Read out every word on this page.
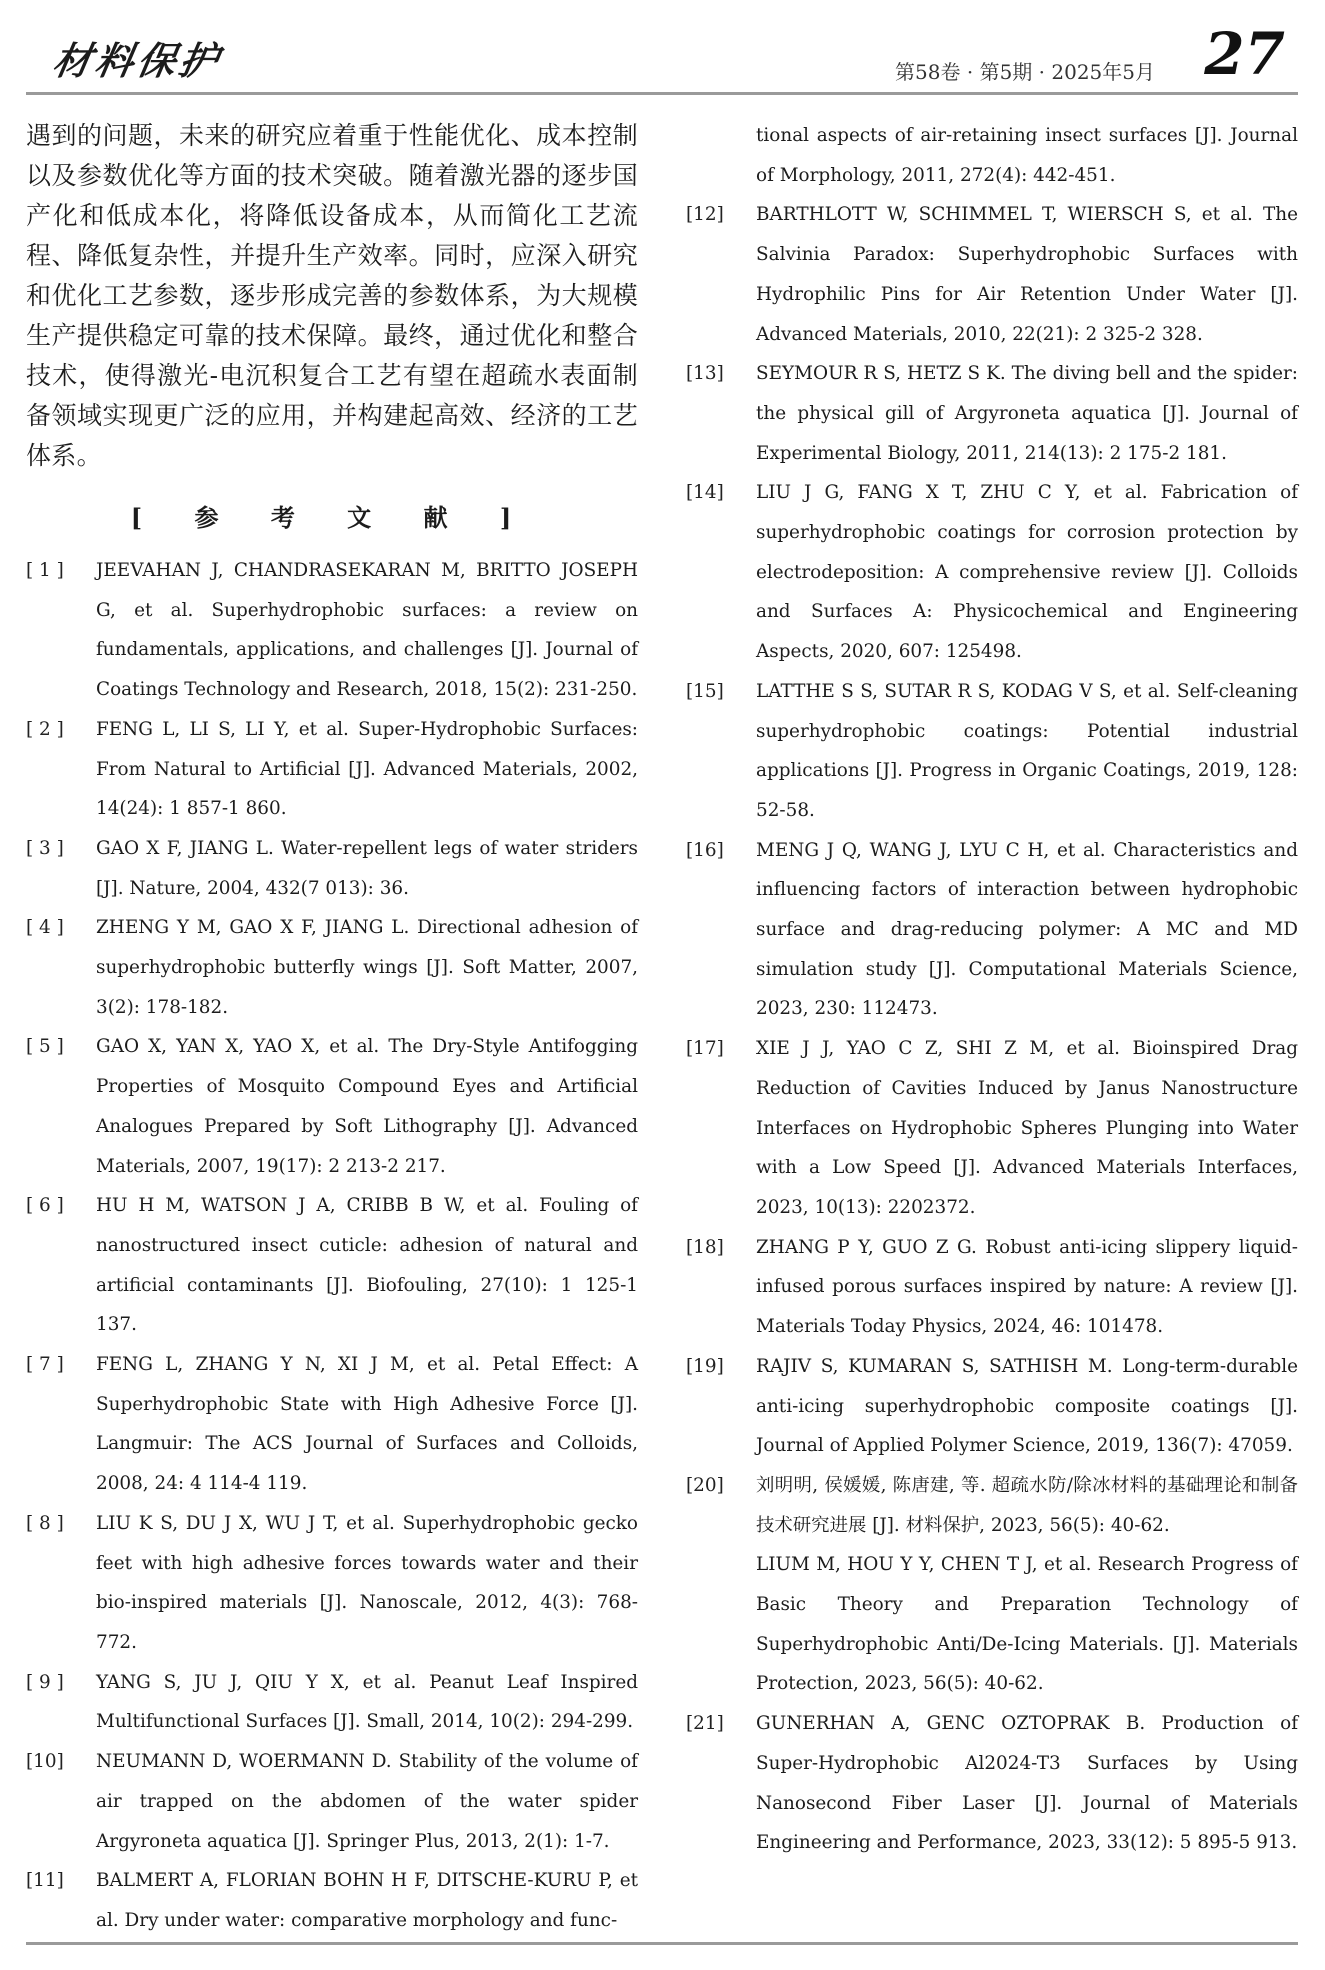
材料保护	第58卷 · 第5期 · 2025年5月 27

遇到的问题，未来的研究应着重于性能优化、成本控制以及参数优化等方面的技术突破。随着激光器的逐步国产化和低成本化，将降低设备成本，从而简化工艺流程、降低复杂性，并提升生产效率。同时，应深入研究和优化工艺参数，逐步形成完善的参数体系，为大规模生产提供稳定可靠的技术保障。最终，通过优化和整合技术，使得激光-电沉积复合工艺有望在超疏水表面制备领域实现更广泛的应用，并构建起高效、经济的工艺体系。

[ 参 考 文 献 ]
[ 1 ]	JEEVAHAN J, CHANDRASEKARAN M, BRITTO JOSEPH G, et al. Superhydrophobic surfaces: a review on fundamentals, applications, and challenges [J]. Journal of Coatings Technology and Research, 2018, 15(2): 231-250.
[ 2 ]	FENG L, LI S, LI Y, et al. Super-Hydrophobic Surfaces: From Natural to Artificial [J]. Advanced Materials, 2002, 14(24): 1 857-1 860.
[ 3 ]	GAO X F, JIANG L. Water-repellent legs of water striders [J]. Nature, 2004, 432(7 013): 36.
[ 4 ]	ZHENG Y M, GAO X F, JIANG L. Directional adhesion of superhydrophobic butterfly wings [J]. Soft Matter, 2007, 3(2): 178-182.
[ 5 ]	GAO X, YAN X, YAO X, et al. The Dry-Style Antifogging Properties of Mosquito Compound Eyes and Artificial Analogues Prepared by Soft Lithography [J]. Advanced Materials, 2007, 19(17): 2 213-2 217.
[ 6 ]	HU H M, WATSON J A, CRIBB B W, et al. Fouling of nanostructured insect cuticle: adhesion of natural and artificial contaminants [J]. Biofouling, 27(10): 1 125-1 137.
[ 7 ]	FENG L, ZHANG Y N, XI J M, et al. Petal Effect: A Superhydrophobic State with High Adhesive Force [J]. Langmuir: The ACS Journal of Surfaces and Colloids, 2008, 24: 4 114-4 119.
[ 8 ]	LIU K S, DU J X, WU J T, et al. Superhydrophobic gecko feet with high adhesive forces towards water and their bio-inspired materials [J]. Nanoscale, 2012, 4(3): 768-772.
[ 9 ]	YANG S, JU J, QIU Y X, et al. Peanut Leaf Inspired Multifunctional Surfaces [J]. Small, 2014, 10(2): 294-299.
[10]	NEUMANN D, WOERMANN D. Stability of the volume of air trapped on the abdomen of the water spider Argyroneta aquatica [J]. Springer Plus, 2013, 2(1): 1-7.
[11]	BALMERT A, FLORIAN BOHN H F, DITSCHE-KURU P, et al. Dry under water: comparative morphology and func-

tional aspects of air-retaining insect surfaces [J]. Journal of Morphology, 2011, 272(4): 442-451.

[12]	BARTHLOTT W, SCHIMMEL T, WIERSCH S, et al. The Salvinia Paradox: Superhydrophobic Surfaces with Hydrophilic Pins for Air Retention Under Water [J]. Advanced Materials, 2010, 22(21): 2 325-2 328.
[13]	SEYMOUR R S, HETZ S K. The diving bell and the spider: the physical gill of Argyroneta aquatica [J]. Journal of Experimental Biology, 2011, 214(13): 2 175-2 181.
[14]	LIU J G, FANG X T, ZHU C Y, et al. Fabrication of superhydrophobic coatings for corrosion protection by electrodeposition: A comprehensive review [J]. Colloids and Surfaces A: Physicochemical and Engineering Aspects, 2020, 607: 125498.
[15]	LATTHE S S, SUTAR R S, KODAG V S, et al. Self-cleaning superhydrophobic coatings: Potential industrial applications [J]. Progress in Organic Coatings, 2019, 128: 52-58.
[16]	MENG J Q, WANG J, LYU C H, et al. Characteristics and influencing factors of interaction between hydrophobic surface and drag-reducing polymer: A MC and MD simulation study [J]. Computational Materials Science, 2023, 230: 112473.
[17]	XIE J J, YAO C Z, SHI Z M, et al. Bioinspired Drag Reduction of Cavities Induced by Janus Nanostructure Interfaces on Hydrophobic Spheres Plunging into Water with a Low Speed [J]. Advanced Materials Interfaces, 2023, 10(13): 2202372.
[18]	ZHANG P Y, GUO Z G. Robust anti-icing slippery liquid-infused porous surfaces inspired by nature: A review [J]. Materials Today Physics, 2024, 46: 101478.
[19]	RAJIV S, KUMARAN S, SATHISH M. Long-term-durable anti-icing superhydrophobic composite coatings [J]. Journal of Applied Polymer Science, 2019, 136(7): 47059.
[20]	刘明明, 侯媛媛, 陈唐建, 等. 超疏水防/除冰材料的基础理论和制备技术研究进展 [J]. 材料保护, 2023, 56(5): 40-62.

LIUM M, HOU Y Y, CHEN T J, et al. Research Progress of Basic Theory and Preparation Technology of Superhydrophobic Anti/De-Icing Materials. [J]. Materials Protection, 2023, 56(5): 40-62.

[21]	GUNERHAN A, GENC OZTOPRAK B. Production of Super-Hydrophobic Al2024-T3 Surfaces by Using Nanosecond Fiber Laser [J]. Journal of Materials Engineering and Performance, 2023, 33(12): 5 895-5 913.
